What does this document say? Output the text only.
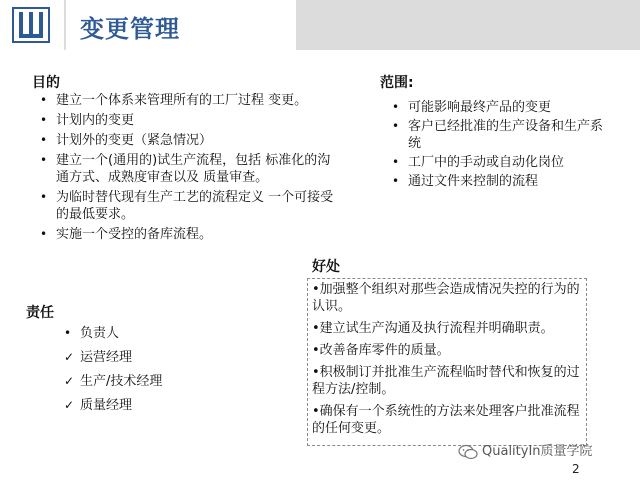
变更管理
目的
• 建立一个体系来管理所有的工厂过程 变更。
• 计划内的变更
• 计划外的变更（紧急情况）
• 建立一个(通用的)试生产流程，包括 标准化的沟通方式、成熟度审查以及 质量审查。
• 为临时替代现有生产工艺的流程定义 一个可接受的最低要求。
• 实施一个受控的备库流程。
范围:
• 可能影响最终产品的变更
• 客户已经批准的生产设备和生产系统
• 工厂中的手动或自动化岗位
• 通过文件来控制的流程
责任
• 负责人
✓ 运营经理
✓ 生产/技术经理
✓ 质量经理
好处

•加强整个组织对那些会造成情况失控的行为的认识。

•建立试生产沟通及执行流程并明确职责。

•改善备库零件的质量。

•积极制订并批准生产流程临时替代和恢复的过程方法/控制。

•确保有一个系统性的方法来处理客户批准流程的任何变更。

QualityIn质量学院
2
